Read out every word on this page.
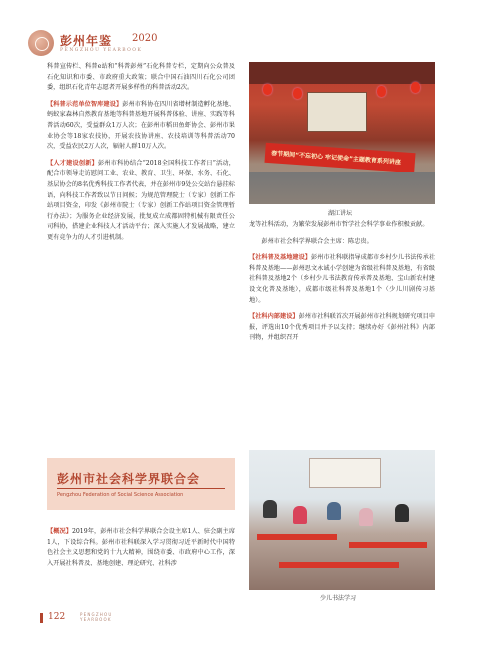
彭州年鉴 2020
PENGZHOU YEARBOOK

科普宣传栏、科普e站和“科普彭州”石化科普专栏，定期向公众普及石化知识和市委、市政府重大政策；联合中国石油四川石化公司团委，组织石化青年志愿者开展多样性的科普活动2次。

【科普示范单位智库建设】彭州市科协在四川省增材制造孵化基地、蚂蚁家森林自然教育基地等科普基地开展科普体验、讲座、实践等科普活动60次，受益群众1万人次；在彭州市稻田鱼虾协会、彭州市果业协会等18家农技协，开展农技协讲座、农技培训等科普活动70次，受益农民2万人次，辐射人群10万人次。

【人才建设创新】彭州市科协结合“2018全国科技工作者日”活动，配合市领导走访慰问工业、农业、教育、卫生、环保、水务、石化、基层协会的8名优秀科技工作者代表，并在彭州市9处公交站台悬挂标语，向科技工作者致以节日问候；为规范管理院士（专家）创新工作站项目资金，印发《彭州市院士（专家）创新工作站项目资金管理暂行办法》；为服务企业经济发展，批复成立成都固特机械有限责任公司科协，搭建企业科技人才活动平台；深入实施人才发展战略，建立更有竞争力的人才引进机制。

春节期间“不忘初心 牢记使命”主题教育系列讲座
湖江讲坛

龙等社科活动，为繁荣发展彭州市哲学社会科学事业作积极贡献。

彭州市社会科学界联合会主席：陈忠贵。

【社科普及基地建设】彭州市社科联指导成都市乡村少儿书法传承社科普及基地——彭州思文永诚小学创建为省级社科普及基地，有省级社科普及基地2个（乡村少儿书法教育传承普及基地、宝山新农村建设文化普及基地），成都市级社科普及基地1个（少儿川剧传习基地）。

【社科内部建设】彭州市社科联首次开展彭州市社科规划研究项目申报，评选出10个优秀项目并予以支持；继续办好《彭州社科》内部刊物，并组织召开

彭州市社会科学界联合会
Pengzhou Federation of Social Science Association

【概况】2019年，彭州市社会科学界联合会设主席1人、驻会副主席1人，下设综合科。彭州市社科联深入学习贯彻习近平新时代中国特色社会主义思想和党的十九大精神，围绕市委、市政府中心工作，深入开展社科普及、基地创建、理论研究、社科涉

少儿书法学习
122	PENGZHOU
YEARBOOK
